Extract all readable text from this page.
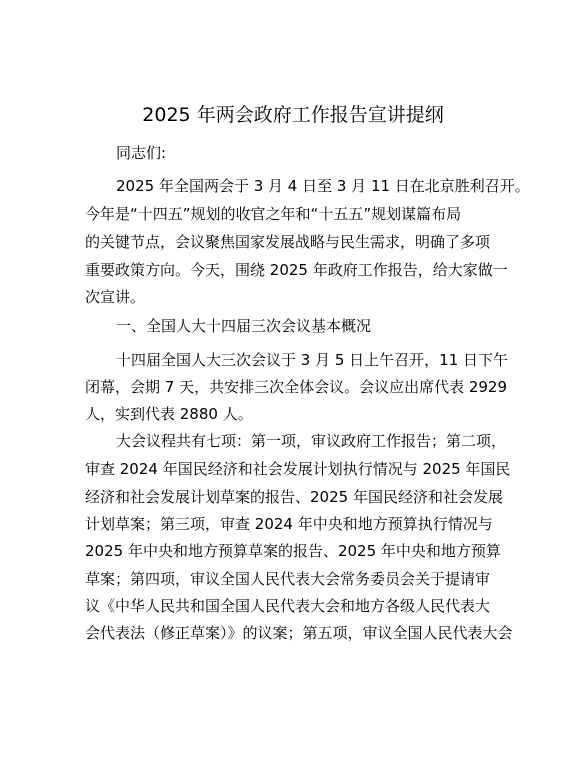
2025 年两会政府工作报告宣讲提纲
同志们:
2025 年全国两会于 3 月 4 日至 3 月 11 日在北京胜利召开。
今年是“十四五”规划的收官之年和“十五五”规划谋篇布局
的关键节点，会议聚焦国家发展战略与民生需求，明确了多项
重要政策方向。今天，围绕 2025 年政府工作报告，给大家做一
次宣讲。
一、全国人大十四届三次会议基本概况
十四届全国人大三次会议于 3 月 5 日上午召开，11 日下午
闭幕，会期 7 天，共安排三次全体会议。会议应出席代表 2929
人，实到代表 2880 人。
大会议程共有七项：第一项，审议政府工作报告；第二项，
审查 2024 年国民经济和社会发展计划执行情况与 2025 年国民
经济和社会发展计划草案的报告、2025 年国民经济和社会发展
计划草案；第三项，审查 2024 年中央和地方预算执行情况与
2025 年中央和地方预算草案的报告、2025 年中央和地方预算
草案；第四项，审议全国人民代表大会常务委员会关于提请审
议《中华人民共和国全国人民代表大会和地方各级人民代表大
会代表法（修正草案）》的议案；第五项，审议全国人民代表大会
